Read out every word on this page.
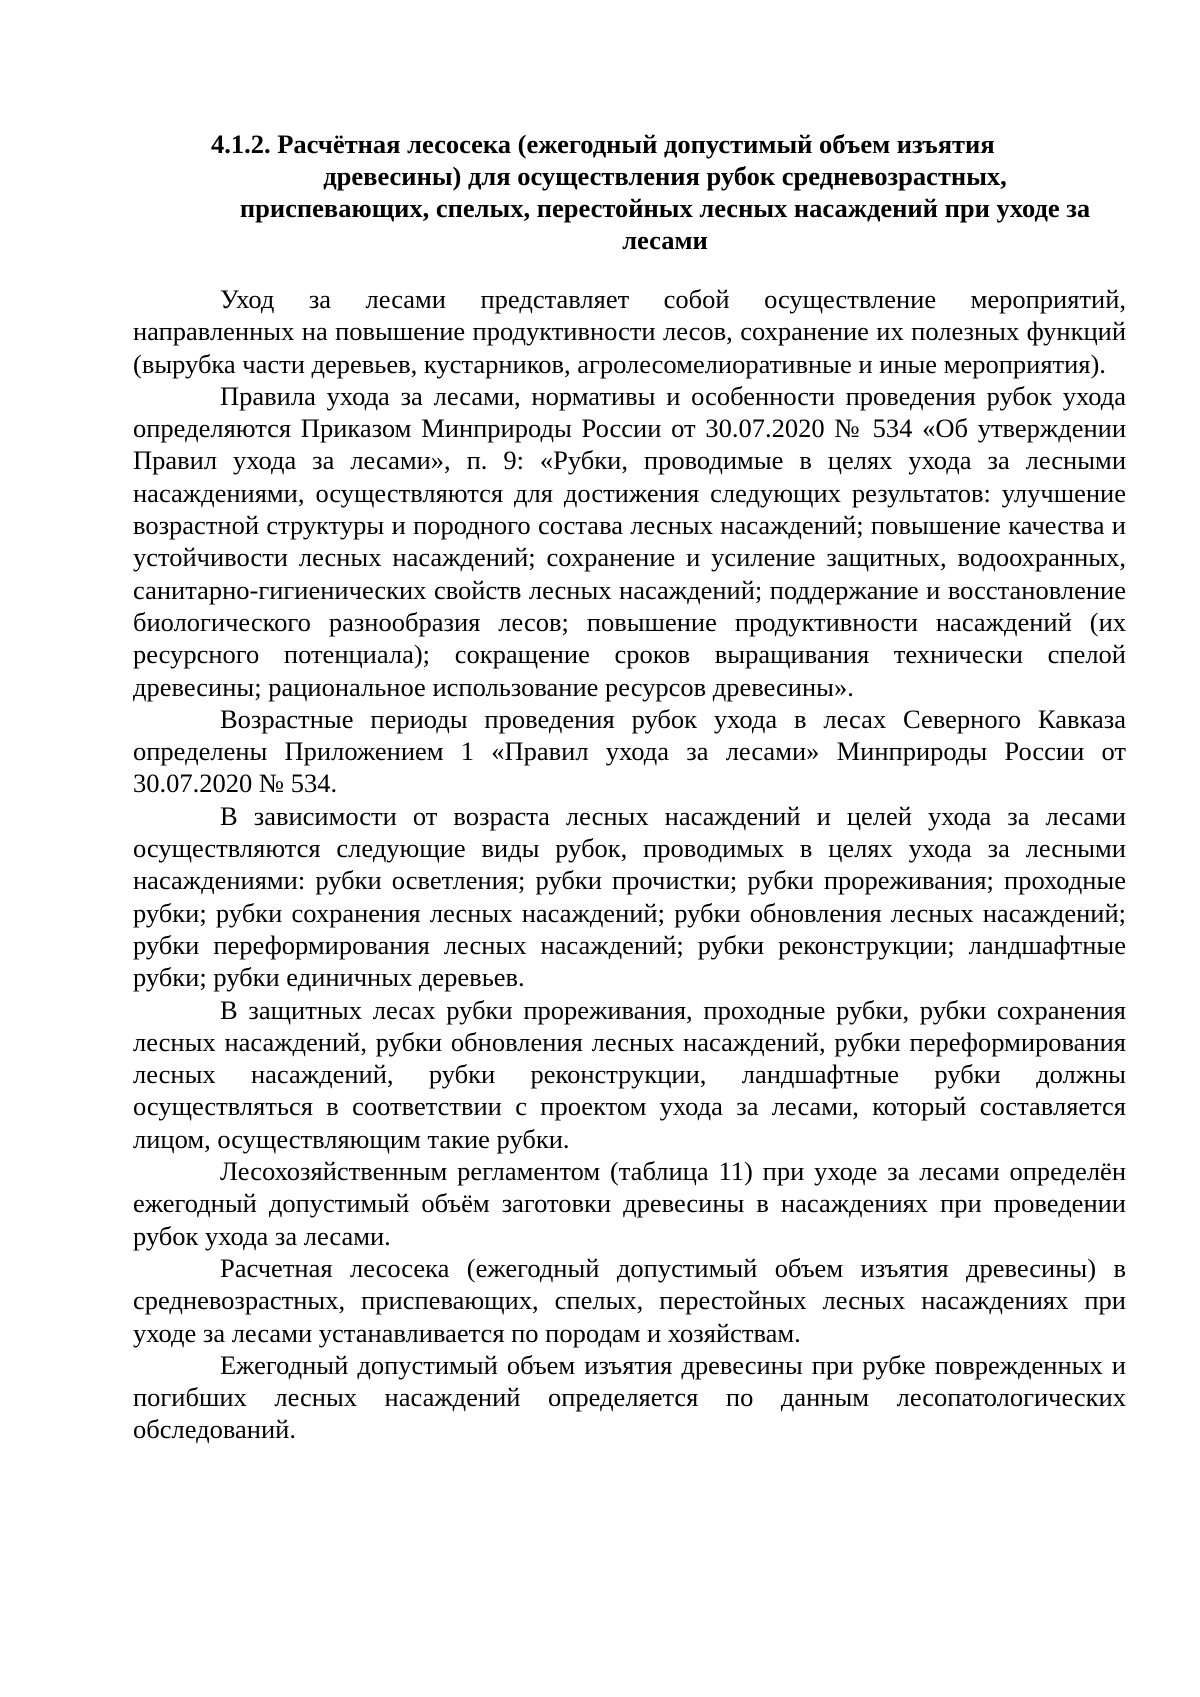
4.1.2. Расчётная лесосека (ежегодный допустимый объем изъятия
древесины) для осуществления рубок средневозрастных,
приспевающих, спелых, перестойных лесных насаждений при уходе за
лесами

Уход за лесами представляет собой осуществление мероприятий, направленных на повышение продуктивности лесов, сохранение их полезных функций (вырубка части деревьев, кустарников, агролесомелиоративные и иные мероприятия).

Правила ухода за лесами, нормативы и особенности проведения рубок ухода определяются Приказом Минприроды России от 30.07.2020 № 534 «Об утверждении Правил ухода за лесами», п. 9: «Рубки, проводимые в целях ухода за лесными насаждениями, осуществляются для достижения следующих результатов: улучшение возрастной структуры и породного состава лесных насаждений; повышение качества и устойчивости лесных насаждений; сохранение и усиление защитных, водоохранных, санитарно-гигиенических свойств лесных насаждений; поддержание и восстановление биологического разнообразия лесов; повышение продуктивности насаждений (их ресурсного потенциала); сокращение сроков выращивания технически спелой древесины; рациональное использование ресурсов древесины».

Возрастные периоды проведения рубок ухода в лесах Северного Кавказа определены Приложением 1 «Правил ухода за лесами» Минприроды России от 30.07.2020 № 534.

В зависимости от возраста лесных насаждений и целей ухода за лесами осуществляются следующие виды рубок, проводимых в целях ухода за лесными насаждениями: рубки осветления; рубки прочистки; рубки прореживания; проходные рубки; рубки сохранения лесных насаждений; рубки обновления лесных насаждений; рубки переформирования лесных насаждений; рубки реконструкции; ландшафтные рубки; рубки единичных деревьев.

В защитных лесах рубки прореживания, проходные рубки, рубки сохранения лесных насаждений, рубки обновления лесных насаждений, рубки переформирования лесных насаждений, рубки реконструкции, ландшафтные рубки должны осуществляться в соответствии с проектом ухода за лесами, который составляется лицом, осуществляющим такие рубки.

Лесохозяйственным регламентом (таблица 11) при уходе за лесами определён ежегодный допустимый объём заготовки древесины в насаждениях при проведении рубок ухода за лесами.

Расчетная лесосека (ежегодный допустимый объем изъятия древесины) в средневозрастных, приспевающих, спелых, перестойных лесных насаждениях при уходе за лесами устанавливается по породам и хозяйствам.

Ежегодный допустимый объем изъятия древесины при рубке поврежденных и погибших лесных насаждений определяется по данным лесопатологических обследований.
